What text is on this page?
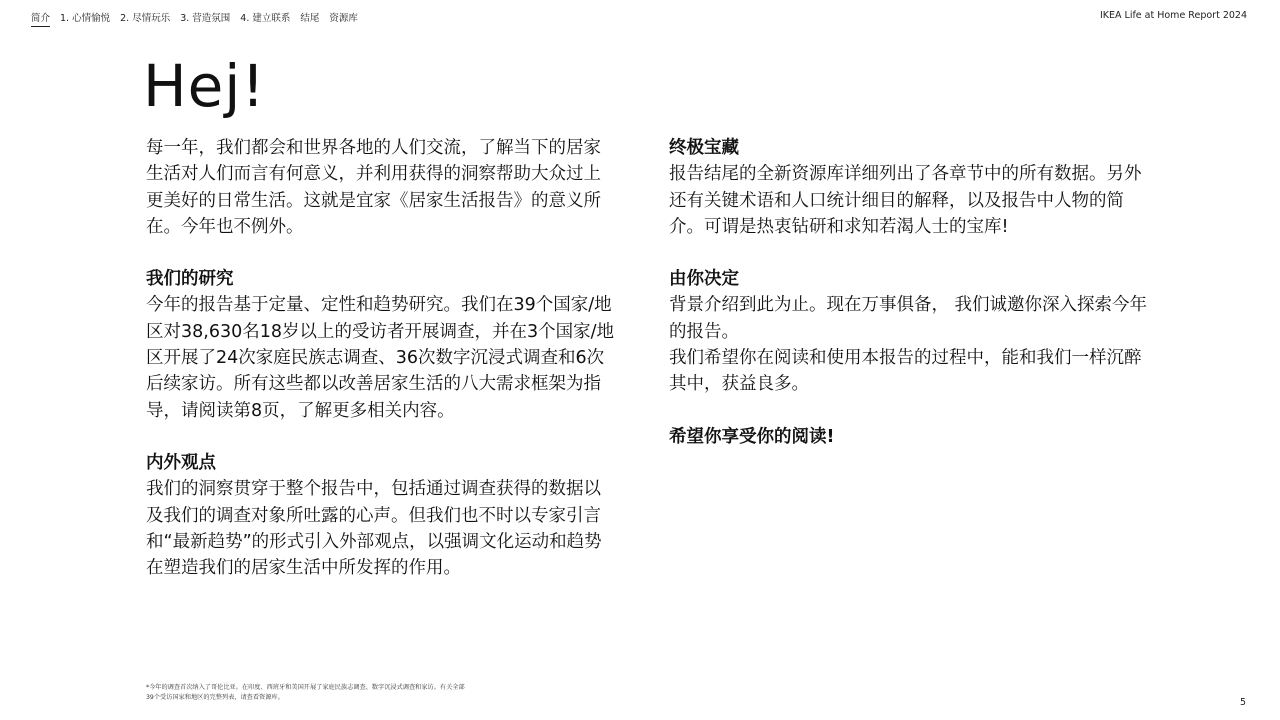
简介 1. 心情愉悦 2. 尽情玩乐 3. 营造氛围 4. 建立联系 结尾 资源库	IKEA Life at Home Report 2024
Hej!

每一年，我们都会和世界各地的人们交流，了解当下的居家生活对人们而言有何意义，并利用获得的洞察帮助大众过上更美好的日常生活。这就是宜家《居家生活报告》的意义所在。今年也不例外。

我们的研究

今年的报告基于定量、定性和趋势研究。我们在39个国家/地区对38,630名18岁以上的受访者开展调查，并在3个国家/地区开展了24次家庭民族志调查、36次数字沉浸式调查和6次后续家访。所有这些都以改善居家生活的八大需求框架为指导，请阅读第8页，了解更多相关内容。

内外观点

我们的洞察贯穿于整个报告中，包括通过调查获得的数据以及我们的调查对象所吐露的心声。但我们也不时以专家引言和“最新趋势”的形式引入外部观点，以强调文化运动和趋势在塑造我们的居家生活中所发挥的作用。

终极宝藏

报告结尾的全新资源库详细列出了各章节中的所有数据。另外还有关键术语和人口统计细目的解释，以及报告中人物的简介。可谓是热衷钻研和求知若渴人士的宝库!

由你决定

背景介绍到此为止。现在万事俱备， 我们诚邀你深入探索今年的报告。

我们希望你在阅读和使用本报告的过程中，能和我们一样沉醉其中，获益良多。

希望你享受你的阅读!

*今年的调查首次纳入了哥伦比亚。在印度、西班牙和美国开展了家庭民族志调查、数字沉浸式调查和家访。有关全部

39个受访国家和地区的完整列表，请查看资源库。	5
